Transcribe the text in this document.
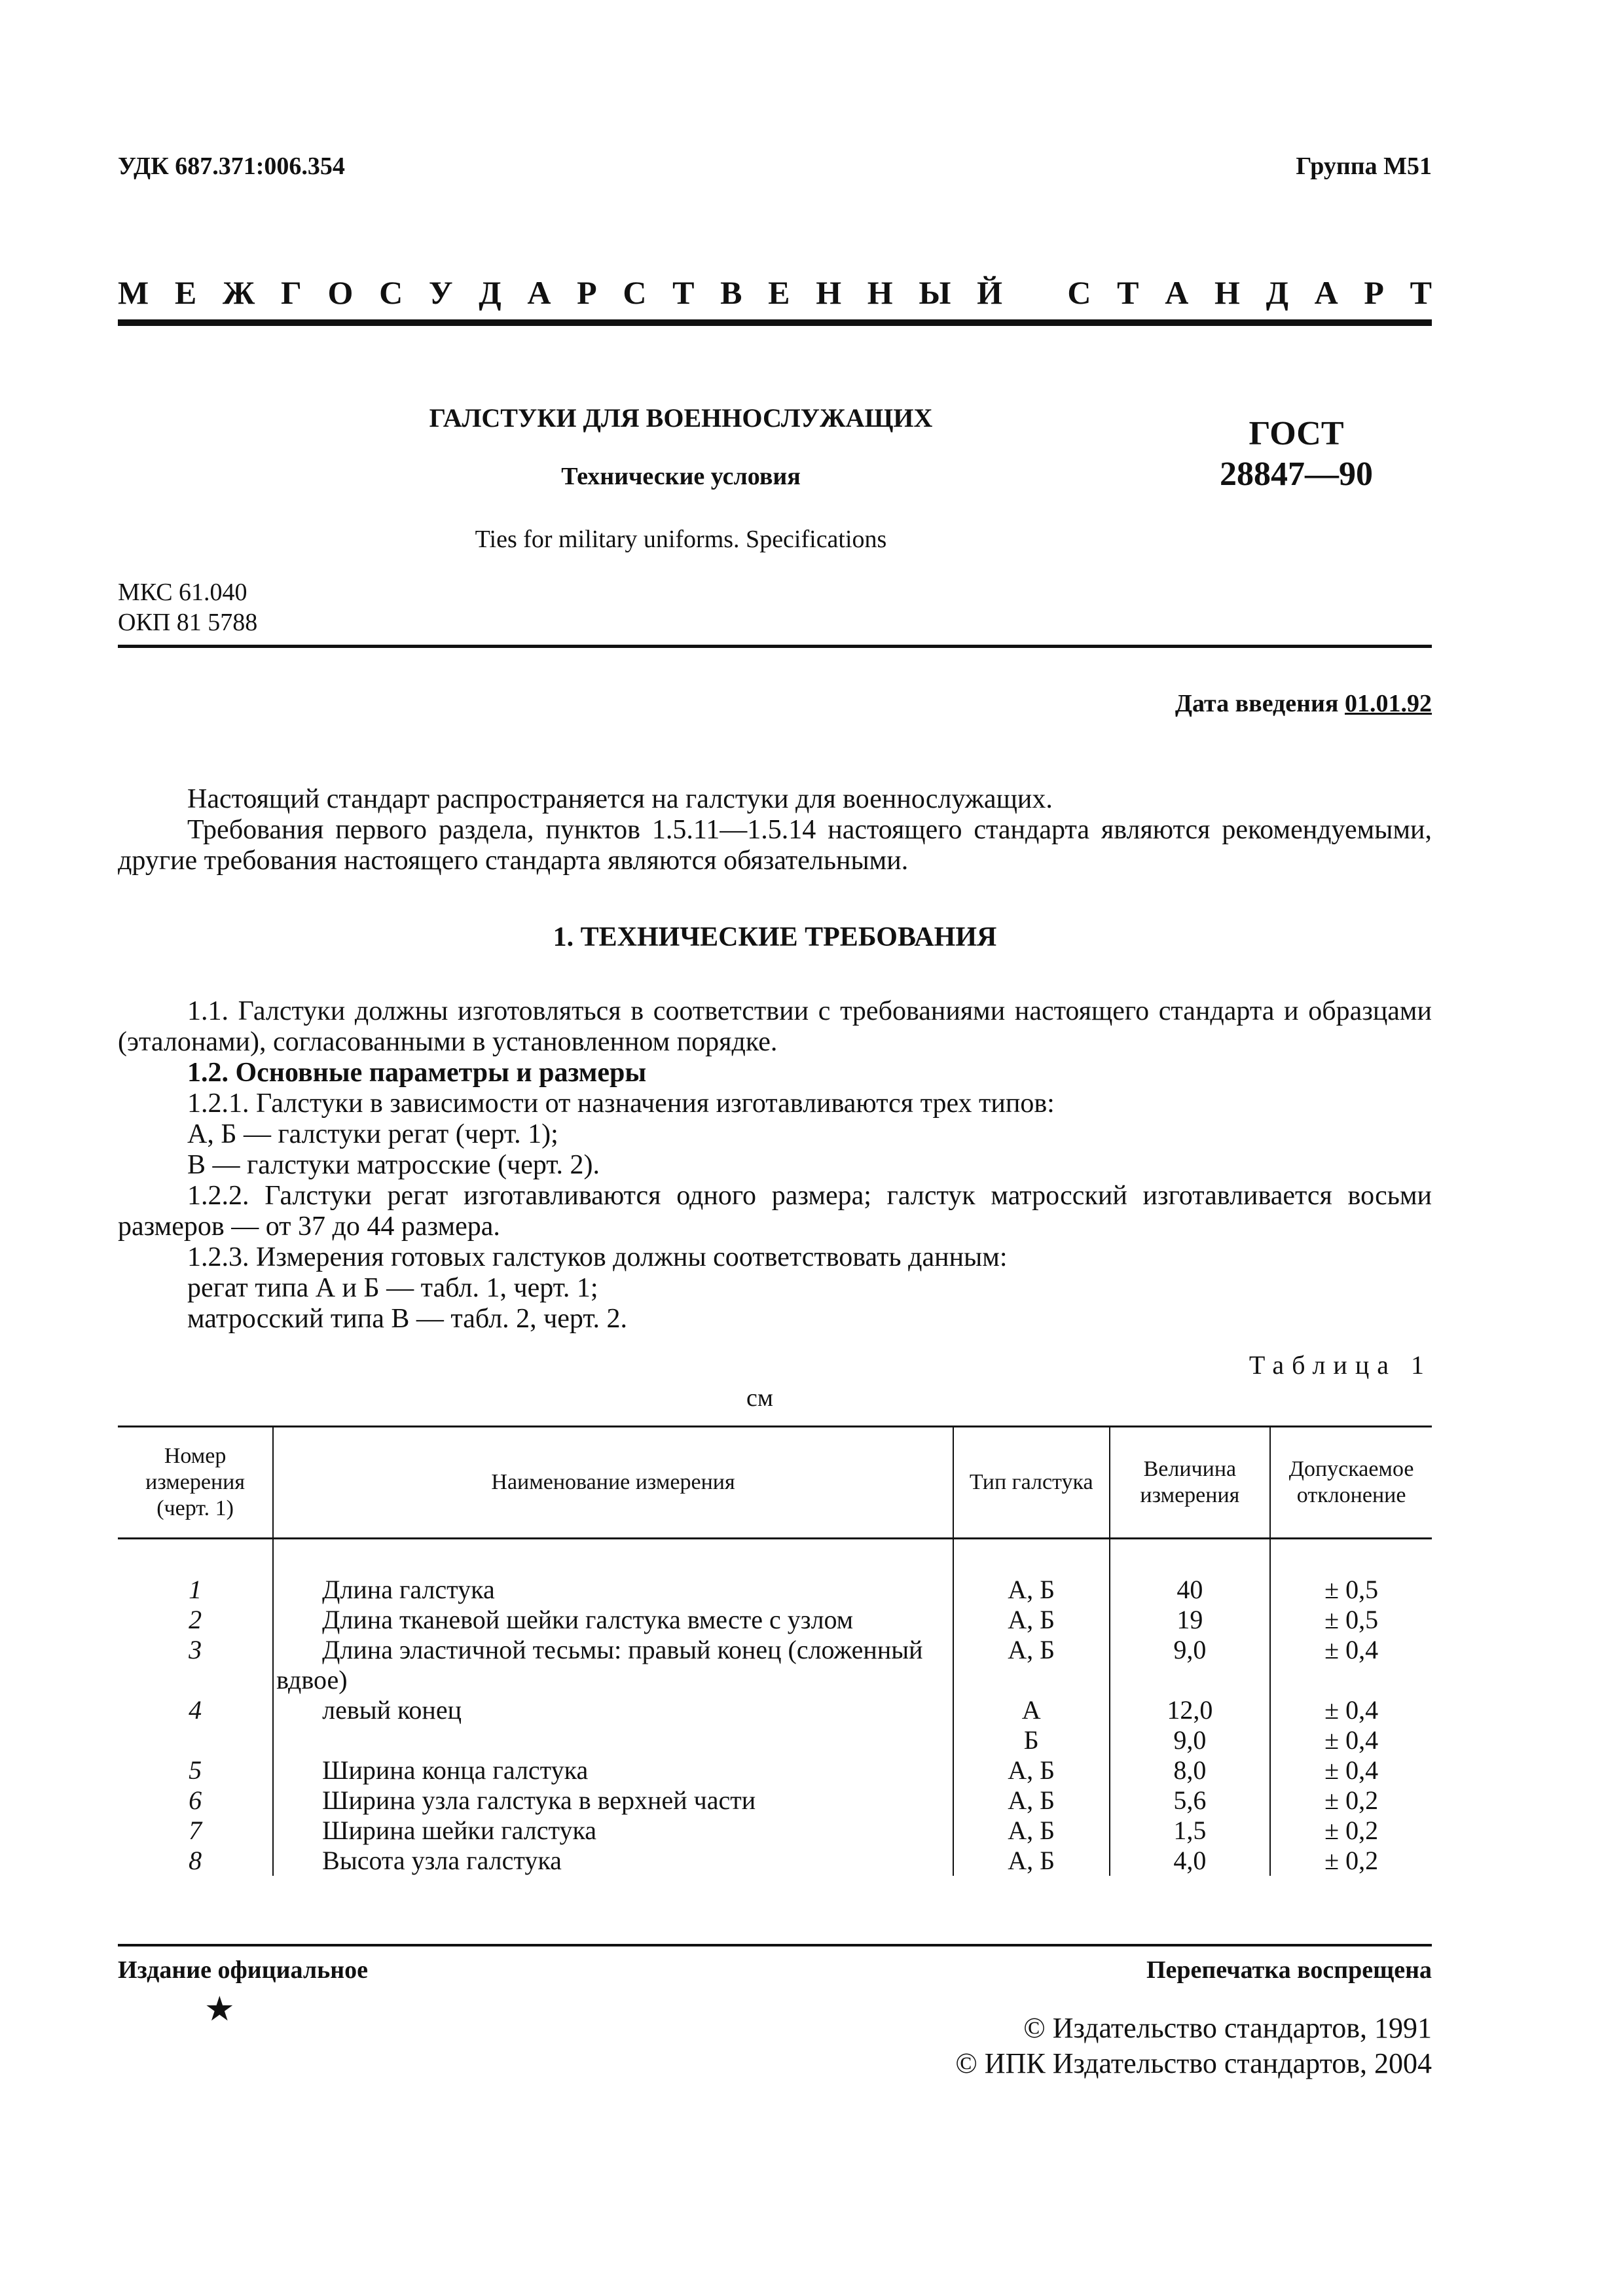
УДК 687.371:006.354	Группа М51
М Е Ж Г О С У Д А Р С Т В Е Н Н Ы Й С Т А Н Д А Р Т
ГАЛСТУКИ ДЛЯ ВОЕННОСЛУЖАЩИХ
Технические условия
Ties for military uniforms. Specifications
ГОСТ
28847—90
МКС 61.040
ОКП 81 5788
Дата введения 01.01.92

Настоящий стандарт распространяется на галстуки для военнослужащих.

Требования первого раздела, пунктов 1.5.11—1.5.14 настоящего стандарта являются рекомендуемыми, другие требования настоящего стандарта являются обязательными.

1. ТЕХНИЧЕСКИЕ ТРЕБОВАНИЯ

1.1. Галстуки должны изготовляться в соответствии с требованиями настоящего стандарта и образцами (эталонами), согласованными в установленном порядке.

1.2. Основные параметры и размеры

1.2.1. Галстуки в зависимости от назначения изготавливаются трех типов:

А, Б — галстуки регат (черт. 1);

В — галстуки матросские (черт. 2).

1.2.2. Галстуки регат изготавливаются одного размера; галстук матросский изготавливается восьми размеров — от 37 до 44 размера.

1.2.3. Измерения готовых галстуков должны соответствовать данным:

регат типа А и Б — табл. 1, черт. 1;

матросский типа В — табл. 2, черт. 2.

Таблица 1
см
Номер измерения (черт. 1)	Наименование измерения	Тип галстука	Величина измерения	Допускаемое отклонение
1	Длина галстука	А, Б	40	± 0,5
2	Длина тканевой шейки галстука вместе с узлом	А, Б	19	± 0,5
3	Длина эластичной тесьмы: правый конец (сложенный вдвое)	А, Б	9,0	± 0,4
4	левый конец	А	12,0	± 0,4
		Б	9,0	± 0,4
5	Ширина конца галстука	А, Б	8,0	± 0,4
6	Ширина узла галстука в верхней части	А, Б	5,6	± 0,2
7	Ширина шейки галстука	А, Б	1,5	± 0,2
8	Высота узла галстука	А, Б	4,0	± 0,2
Издание официальное	Перепечатка воспрещена
★	© Издательство стандартов, 1991
© ИПК Издательство стандартов, 2004
